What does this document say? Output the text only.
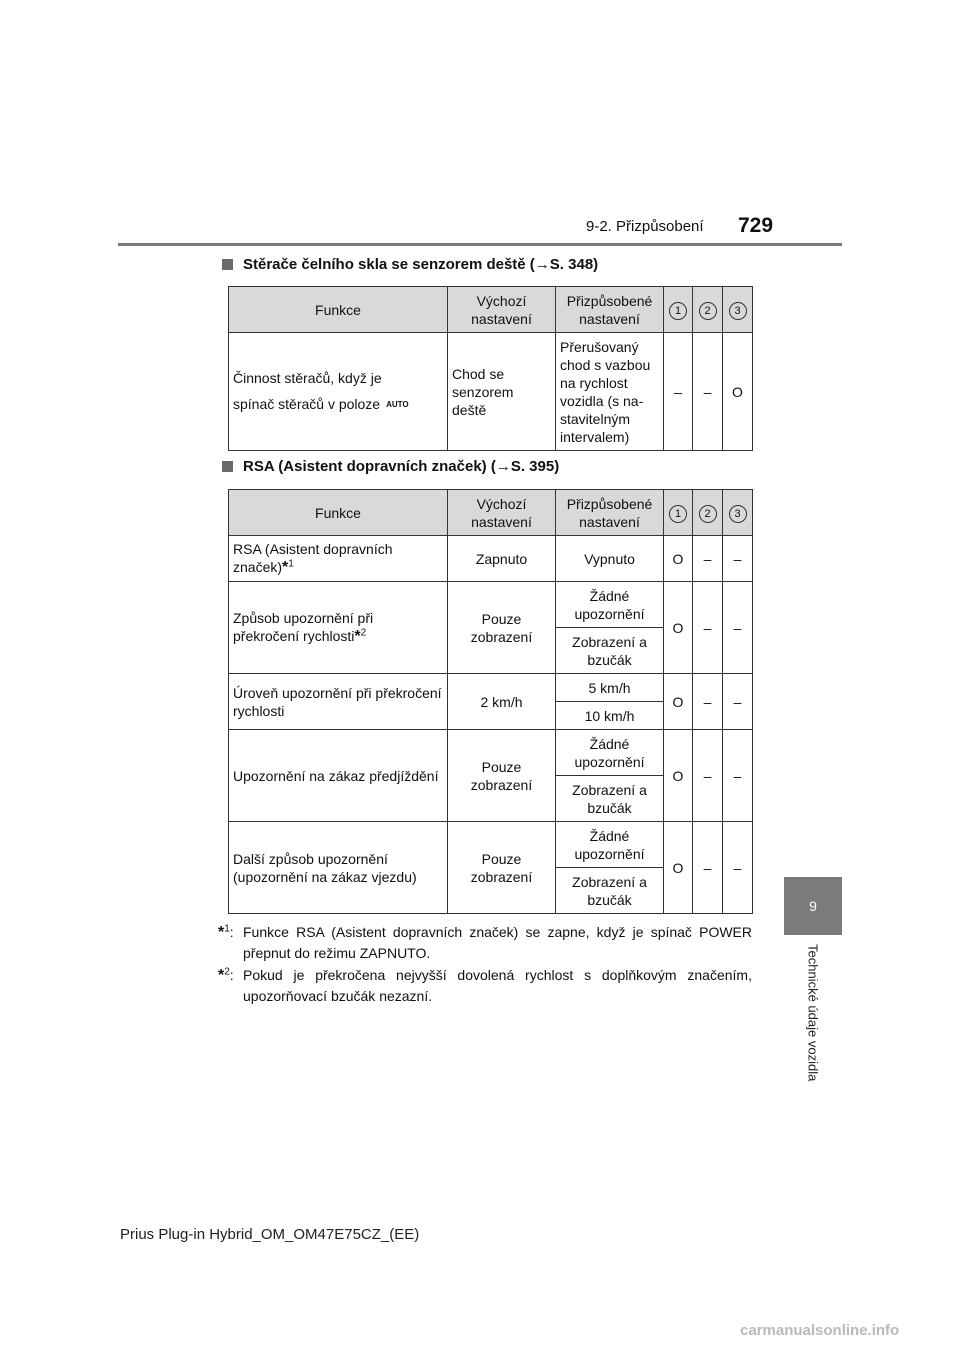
9-2. Přizpůsobení 729
9
Technické údaje vozidla
Stěrače čelního skla se senzorem deště (→S. 348)
Funkce	Výchozí nastavení	Přizpůsobené nastavení	1	2	3

Činnost stěračů, když je
spínač stěračů v poloze AUTO	Chod se senzorem deště	Přerušovaný chod s vazbou na rychlost vozidla (s na-stavitelným intervalem)	–	–	O
RSA (Asistent dopravních značek) (→S. 395)
Funkce	Výchozí nastavení	Přizpůsobené nastavení	1	2	3
RSA (Asistent dopravních značek)*$^1$	Zapnuto	Vypnuto	O	–	–
Způsob upozornění při překročení rychlosti*$^2$	Pouze zobrazení	Žádné upozornění	O	–	–
		Zobrazení a bzučák			
Úroveň upozornění při překročení rychlosti	2 km/h	5 km/h	O	–	–
		10 km/h			
Upozornění na zákaz předjíždění	Pouze zobrazení	Žádné upozornění	O	–	–
		Zobrazení a bzučák			
Další způsob upozornění (upozornění na zákaz vjezdu)	Pouze zobrazení	Žádné upozornění	O	–	–
		Zobrazení a bzučák			
*$^1$: Funkce RSA (Asistent dopravních značek) se zapne, když je spínač POWER přepnut do režimu ZAPNUTO.
*$^2$: Pokud je překročena nejvyšší dovolená rychlost s doplňkovým značením, upozorňovací bzučák nezazní.
Prius Plug-in Hybrid_OM_OM47E75CZ_(EE)
carmanualsonline.info
